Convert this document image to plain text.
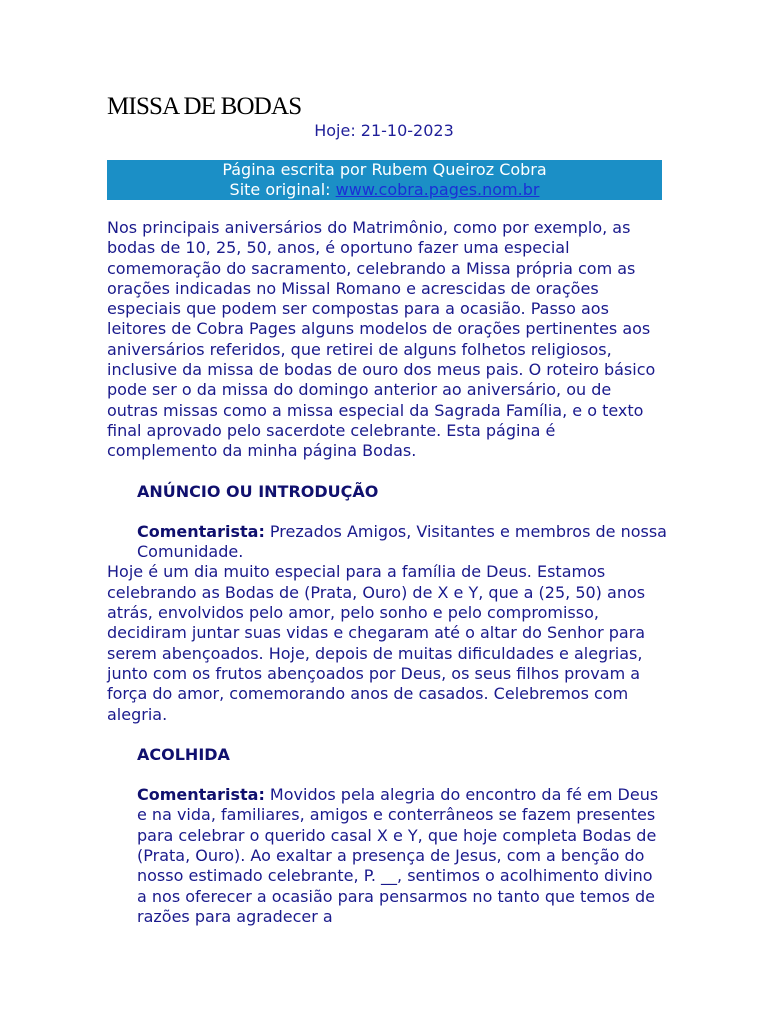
MISSA DE BODAS
Hoje: 21-10-2023
Página escrita por Rubem Queiroz Cobra
Site original: www.cobra.pages.nom.br

Nos principais aniversários do Matrimônio, como por exemplo, as bodas de 10, 25, 50, anos, é oportuno fazer uma especial comemoração do sacramento, celebrando a Missa própria com as orações indicadas no Missal Romano e acrescidas de orações especiais que podem ser compostas para a ocasião. Passo aos leitores de Cobra Pages alguns modelos de orações pertinentes aos aniversários referidos, que retirei de alguns folhetos religiosos, inclusive da missa de bodas de ouro dos meus pais. O roteiro básico pode ser o da missa do domingo anterior ao aniversário, ou de outras missas como a missa especial da Sagrada Família, e o texto final aprovado pelo sacerdote celebrante. Esta página é complemento da minha página Bodas.

ANÚNCIO OU INTRODUÇÃO

Comentarista: Prezados Amigos, Visitantes e membros de nossa Comunidade.

Hoje é um dia muito especial para a família de Deus. Estamos celebrando as Bodas de (Prata, Ouro) de X e Y, que a (25, 50) anos atrás, envolvidos pelo amor, pelo sonho e pelo compromisso, decidiram juntar suas vidas e chegaram até o altar do Senhor para serem abençoados. Hoje, depois de muitas dificuldades e alegrias, junto com os frutos abençoados por Deus, os seus filhos provam a força do amor, comemorando anos de casados. Celebremos com alegria.

ACOLHIDA

Comentarista: Movidos pela alegria do encontro da fé em Deus e na vida, familiares, amigos e conterrâneos se fazem presentes para celebrar o querido casal X e Y, que hoje completa Bodas de (Prata, Ouro). Ao exaltar a presença de Jesus, com a benção do nosso estimado celebrante, P. __, sentimos o acolhimento divino a nos oferecer a ocasião para pensarmos no tanto que temos de razões para agradecer a
